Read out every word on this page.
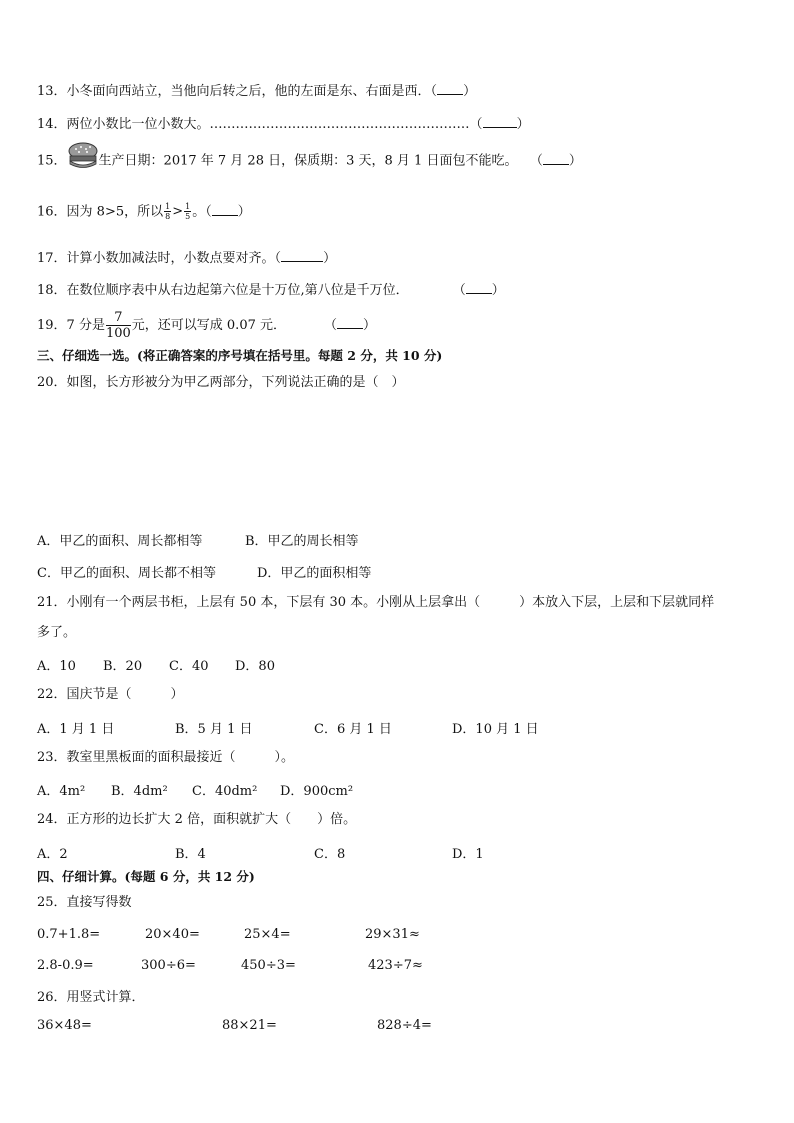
13．小冬面向西站立，当他向后转之后，他的左面是东、右面是西．（ ）
14．两位小数比一位小数大。……………………………………………………（	）
15． 生产日期：2017 年 7 月 28 日，保质期：3 天，8 月 1 日面包不能吃。 （ ）
16．因为 8>5，所以 $\frac{1}{8} > \frac{1}{5}$ 。（ ）
17．计算小数加减法时，小数点要对齐。（	）
18．在数位顺序表中从右边起第六位是十万位,第八位是千万位．	（ ）
19．7 分是 $\frac{7}{100}$ 元，还可以写成 0.07 元．	（ ）
三、仔细选一选。(将正确答案的序号填在括号里。每题 2 分，共 10 分)
20．如图，长方形被分为甲乙两部分，下列说法正确的是（　）
A．甲乙的面积、周长都相等	B．甲乙的周长相等
C．甲乙的面积、周长都不相等	D．甲乙的面积相等
21．小刚有一个两层书柜，上层有 50 本，下层有 30 本。小刚从上层拿出（　　　）本放入下层，上层和下层就同样
多了。
A．10 B．20 C．40 D．80
22．国庆节是（　　　）
A．1 月 1 日	B．5 月 1 日	C．6 月 1 日	D．10 月 1 日
23．教室里黑板面的面积最接近（　　　）。
A．4m² B．4dm² C．40dm² D．900cm²
24．正方形的边长扩大 2 倍，面积就扩大（　　）倍。
A．2	B．4	C．8	D．1
四、仔细计算。(每题 6 分，共 12 分)
25．直接写得数
0.7+1.8=	20×40=	25×4=	29×31≈
2.8-0.9=	300÷6=	450÷3=	423÷7≈
26．用竖式计算．
36×48=	88×21=	828÷4=
